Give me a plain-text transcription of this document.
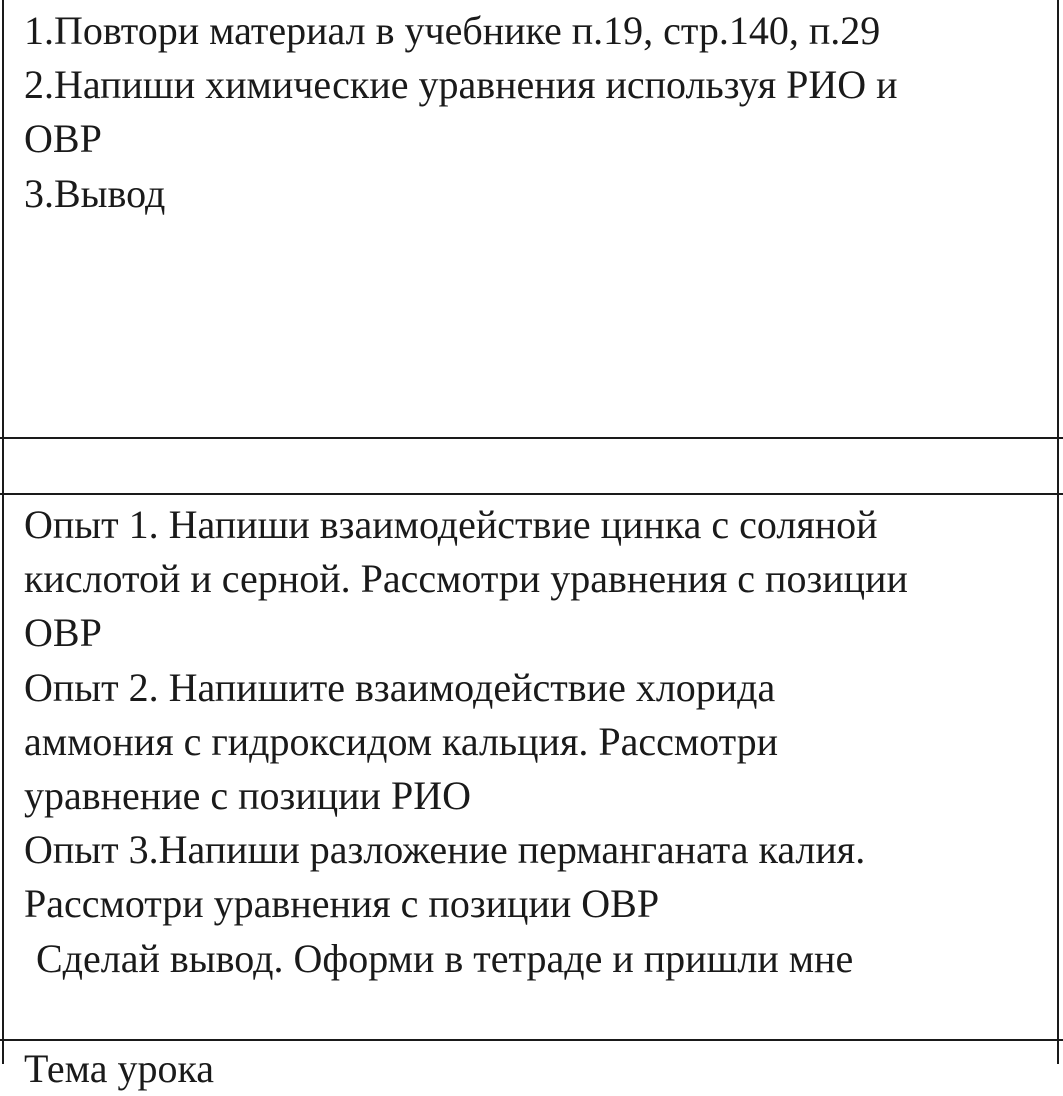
1.Повтори материал в учебнике п.19, стр.140, п.29
2.Напиши химические уравнения используя РИО и
ОВР
3.Вывод
Опыт 1. Напиши взаимодействие цинка с соляной
кислотой и серной. Рассмотри уравнения с позиции
ОВР
Опыт 2. Напишите взаимодействие хлорида
аммония с гидроксидом кальция. Рассмотри
уравнение с позиции РИО
Опыт 3.Напиши разложение перманганата калия.
Рассмотри уравнения с позиции ОВР
Сделай вывод. Оформи в тетраде и пришли мне
Тема урока
